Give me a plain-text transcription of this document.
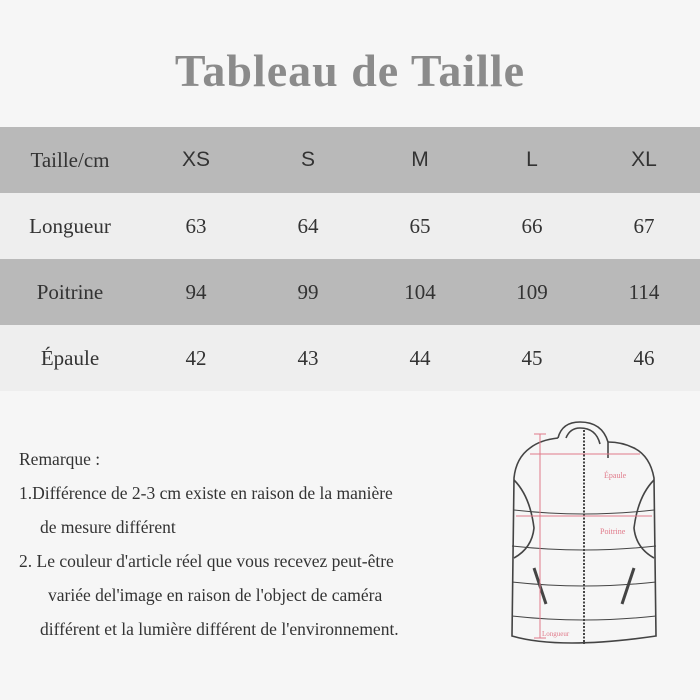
Tableau de Taille
Taille/cm	XS	S	M	L	XL
Longueur	63	64	65	66	67
Poitrine	94	99	104	109	114
Épaule	42	43	44	45	46
Remarque :
1.Différence de 2-3 cm existe en raison de la manière
de mesure différent
2. Le couleur d'article réel que vous recevez peut-être
variée del'image en raison de l'object de caméra
différent et la lumière différent de l'environnement.
Épaule
Poitrine
Longueur
